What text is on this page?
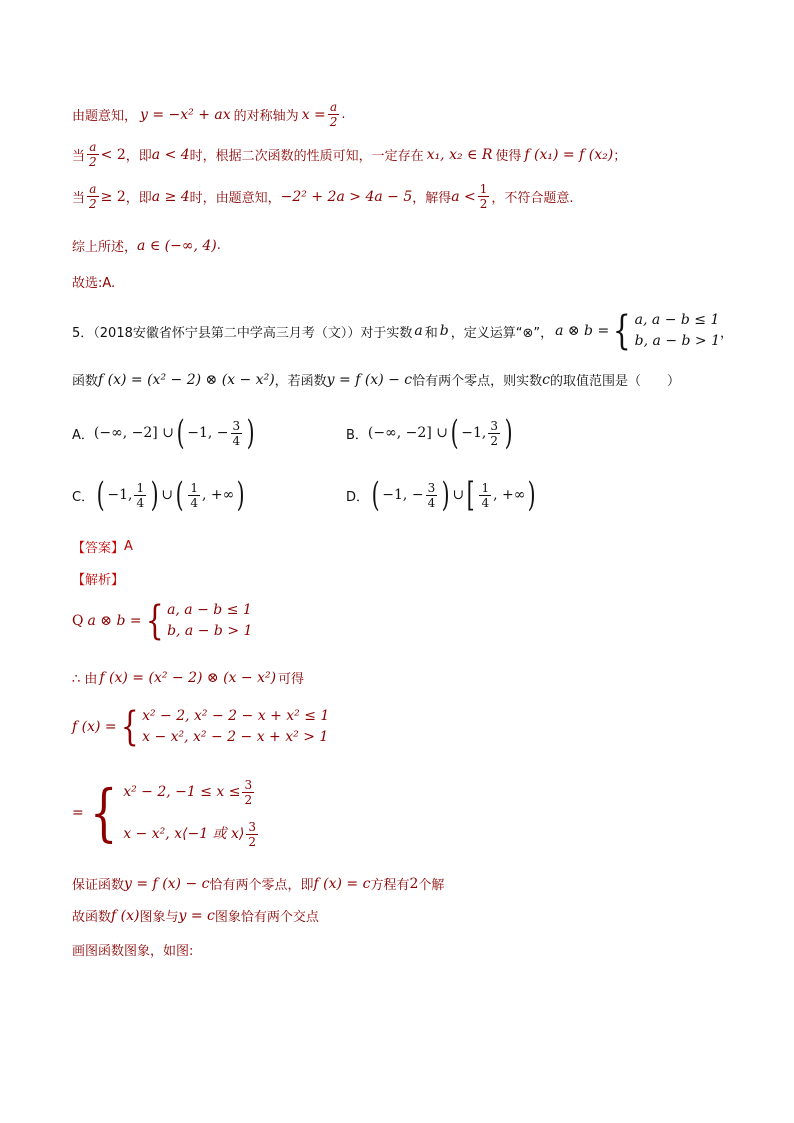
由题意知， y = −x² + ax 的对称轴为 $x = \frac{a}{2}$ .
当 $\frac{a}{2} < 2$ ，即 a < 4 时，根据二次函数的性质可知，一定存在 x₁, x₂ ∈ R 使得 f (x₁) = f (x₂) ；
当 $\frac{a}{2} \ge 2$ ，即 a ≥ 4 时，由题意知， −2² + 2a > 4a − 5 ，解得 $a < \frac{1}{2}$ ，不符合题意.
综上所述， a ∈ (−∞, 4) .
故选:A.
5．（2018安徽省怀宁县第二中学高三月考（文））对于实数 a 和 b ，定义运算“⊗”， a ⊗ b = { a, a − b ≤ 1
b, a − b > 1 ，
函数 f (x) = (x² − 2) ⊗ (x − x²) ，若函数 y = f (x) − c 恰有两个零点，则实数 c 的取值范围是（　　）
A． (−∞, −2] ∪ ( −1, − $\frac{3}{4}$ )	B． (−∞, −2] ∪ ( −1, $\frac{3}{2}$ )
C． ( −1, $\frac{1}{4}$ ) ∪ ( $\frac{1}{4}$ , +∞ )	D． ( −1, − $\frac{3}{4}$ ) ∪ [ $\frac{1}{4}$ , +∞ )
【答案】 A
【解析】
Q a ⊗ b = { a, a − b ≤ 1
b, a − b > 1
∴ 由 f (x) = (x² − 2) ⊗ (x − x²) 可得
f (x) = { x² − 2, x² − 2 − x + x² ≤ 1
x − x², x² − 2 − x + x² > 1
= { x² − 2, $-1 \le x \le \frac{3}{2}$
x − x², x⟨−1 或 x⟩ $\frac{3}{2}$
保证函数 y = f (x) − c 恰有两个零点，即 f (x) = c 方程有 2 个解
故函数 f (x) 图象与 y = c 图象恰有两个交点
画图函数图象，如图:
